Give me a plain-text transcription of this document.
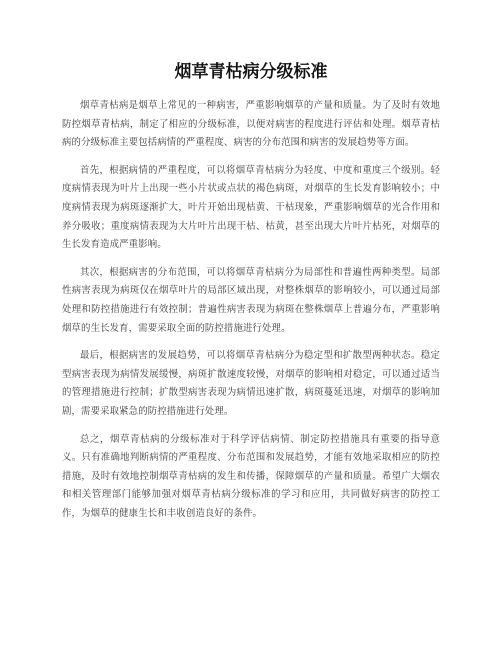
烟草青枯病分级标准

烟草青枯病是烟草上常见的一种病害，严重影响烟草的产量和质量。为了及时有效地防控烟草青枯病，制定了相应的分级标准，以便对病害的程度进行评估和处理。烟草青枯病的分级标准主要包括病情的严重程度、病害的分布范围和病害的发展趋势等方面。

首先，根据病情的严重程度，可以将烟草青枯病分为轻度、中度和重度三个级别。轻度病情表现为叶片上出现一些小片状或点状的褐色病斑，对烟草的生长发育影响较小；中度病情表现为病斑逐渐扩大，叶片开始出现枯黄、干枯现象，严重影响烟草的光合作用和养分吸收；重度病情表现为大片叶片出现干枯、枯黄，甚至出现大片叶片枯死，对烟草的生长发育造成严重影响。

其次，根据病害的分布范围，可以将烟草青枯病分为局部性和普遍性两种类型。局部性病害表现为病斑仅在烟草叶片的局部区域出现，对整株烟草的影响较小，可以通过局部处理和防控措施进行有效控制；普遍性病害表现为病斑在整株烟草上普遍分布，严重影响烟草的生长发育，需要采取全面的防控措施进行处理。

最后，根据病害的发展趋势，可以将烟草青枯病分为稳定型和扩散型两种状态。稳定型病害表现为病情发展缓慢，病斑扩散速度较慢，对烟草的影响相对稳定，可以通过适当的管理措施进行控制；扩散型病害表现为病情迅速扩散，病斑蔓延迅速，对烟草的影响加剧，需要采取紧急的防控措施进行处理。

总之，烟草青枯病的分级标准对于科学评估病情、制定防控措施具有重要的指导意义。只有准确地判断病情的严重程度、分布范围和发展趋势，才能有效地采取相应的防控措施，及时有效地控制烟草青枯病的发生和传播，保障烟草的产量和质量。希望广大烟农和相关管理部门能够加强对烟草青枯病分级标准的学习和应用，共同做好病害的防控工作，为烟草的健康生长和丰收创造良好的条件。
